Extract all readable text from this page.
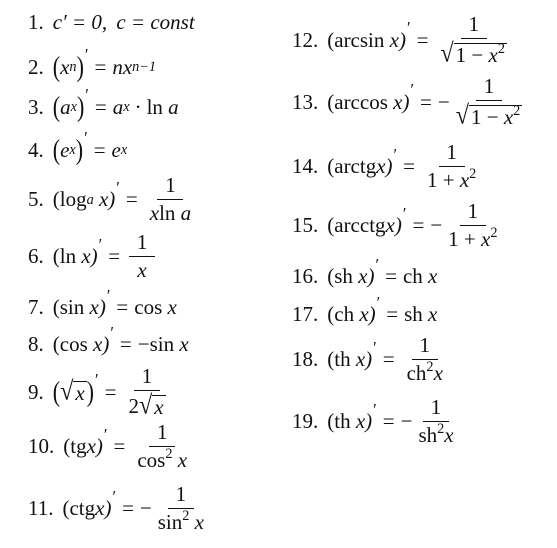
1 . c′ = 0,
c = const
2 . ( x n ) ′ = n x n−1
3 . ( a x ) ′ = a x · ln
a
4 . ( e x ) ′ = e x
5 . (log a
x) ′ = $\frac{1}{\text{xln a}}$
6 . (ln
x) ′ = $\frac{1}{x}$
7 . (sin
x) ′ = cos
x
8 . (cos
x) ′ = −sin
x
9 . ( √ x ) ′ = $\frac{1}{2 √ x}$
10 . (tg x) ′ = $\frac{1}{\cos^2 x}$
11 . (ctg x) ′ = − $\frac{1}{\sin^2 x}$
12 . (arcsin
x) ′ = $\frac{1}{√ 1 - x^2}$
13 . (arccos
x) ′ = − $\frac{1}{√ 1 - x^2}$
14 . (arctg x) ′ = $\frac{1}{1 + x^2}$
15 . (arcctg x) ′ = − $\frac{1}{1 + x^2}$
16 . (sh
x) ′ = ch
x
17 . (ch
x) ′ = sh
x
18 . (th
x) ′ = $\frac{1}{ch^2x}$
19 . (th
x) ′ = − $\frac{1}{sh^2x}$
